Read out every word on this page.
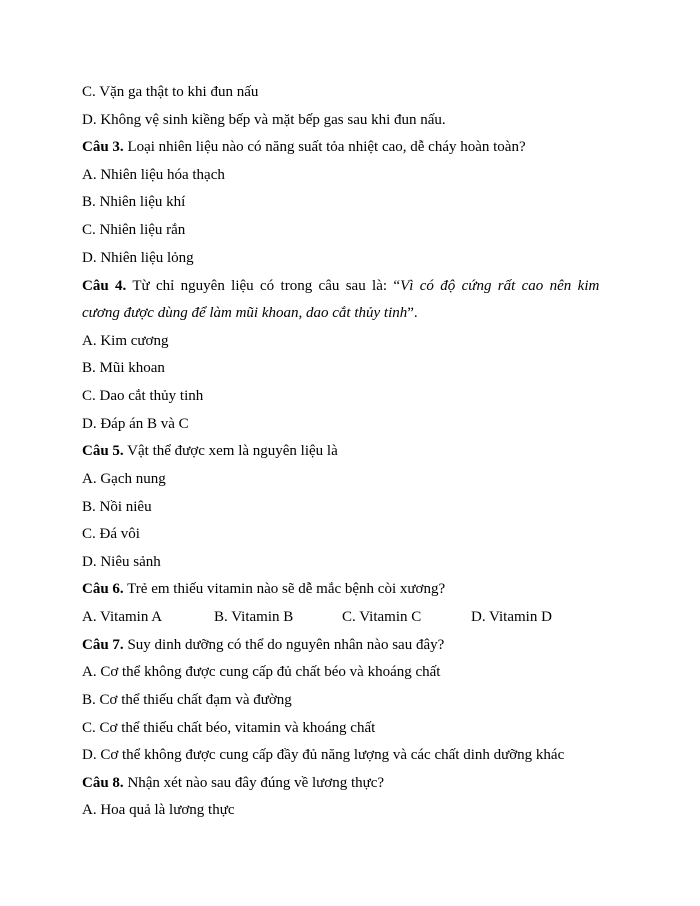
C. Vặn ga thật to khi đun nấu
D. Không vệ sinh kiềng bếp và mặt bếp gas sau khi đun nấu.
Câu 3. Loại nhiên liệu nào có năng suất tỏa nhiệt cao, dễ cháy hoàn toàn?
A. Nhiên liệu hóa thạch
B. Nhiên liệu khí
C. Nhiên liệu rắn
D. Nhiên liệu lỏng
Câu 4. Từ chỉ nguyên liệu có trong câu sau là: “Vì có độ cứng rất cao nên kim
cương được dùng để làm mũi khoan, dao cắt thủy tinh”.
A. Kim cương
B. Mũi khoan
C. Dao cắt thủy tinh
D. Đáp án B và C
Câu 5. Vật thể được xem là nguyên liệu là
A. Gạch nung
B. Nồi niêu
C. Đá vôi
D. Niêu sảnh
Câu 6. Trẻ em thiếu vitamin nào sẽ dễ mắc bệnh còi xương?
A. Vitamin A	B. Vitamin B	C. Vitamin C	D. Vitamin D
Câu 7. Suy dinh dưỡng có thể do nguyên nhân nào sau đây?
A. Cơ thể không được cung cấp đủ chất béo và khoáng chất
B. Cơ thể thiếu chất đạm và đường
C. Cơ thể thiếu chất béo, vitamin và khoáng chất
D. Cơ thể không được cung cấp đầy đủ năng lượng và các chất dinh dưỡng khác
Câu 8. Nhận xét nào sau đây đúng về lương thực?
A. Hoa quả là lương thực
